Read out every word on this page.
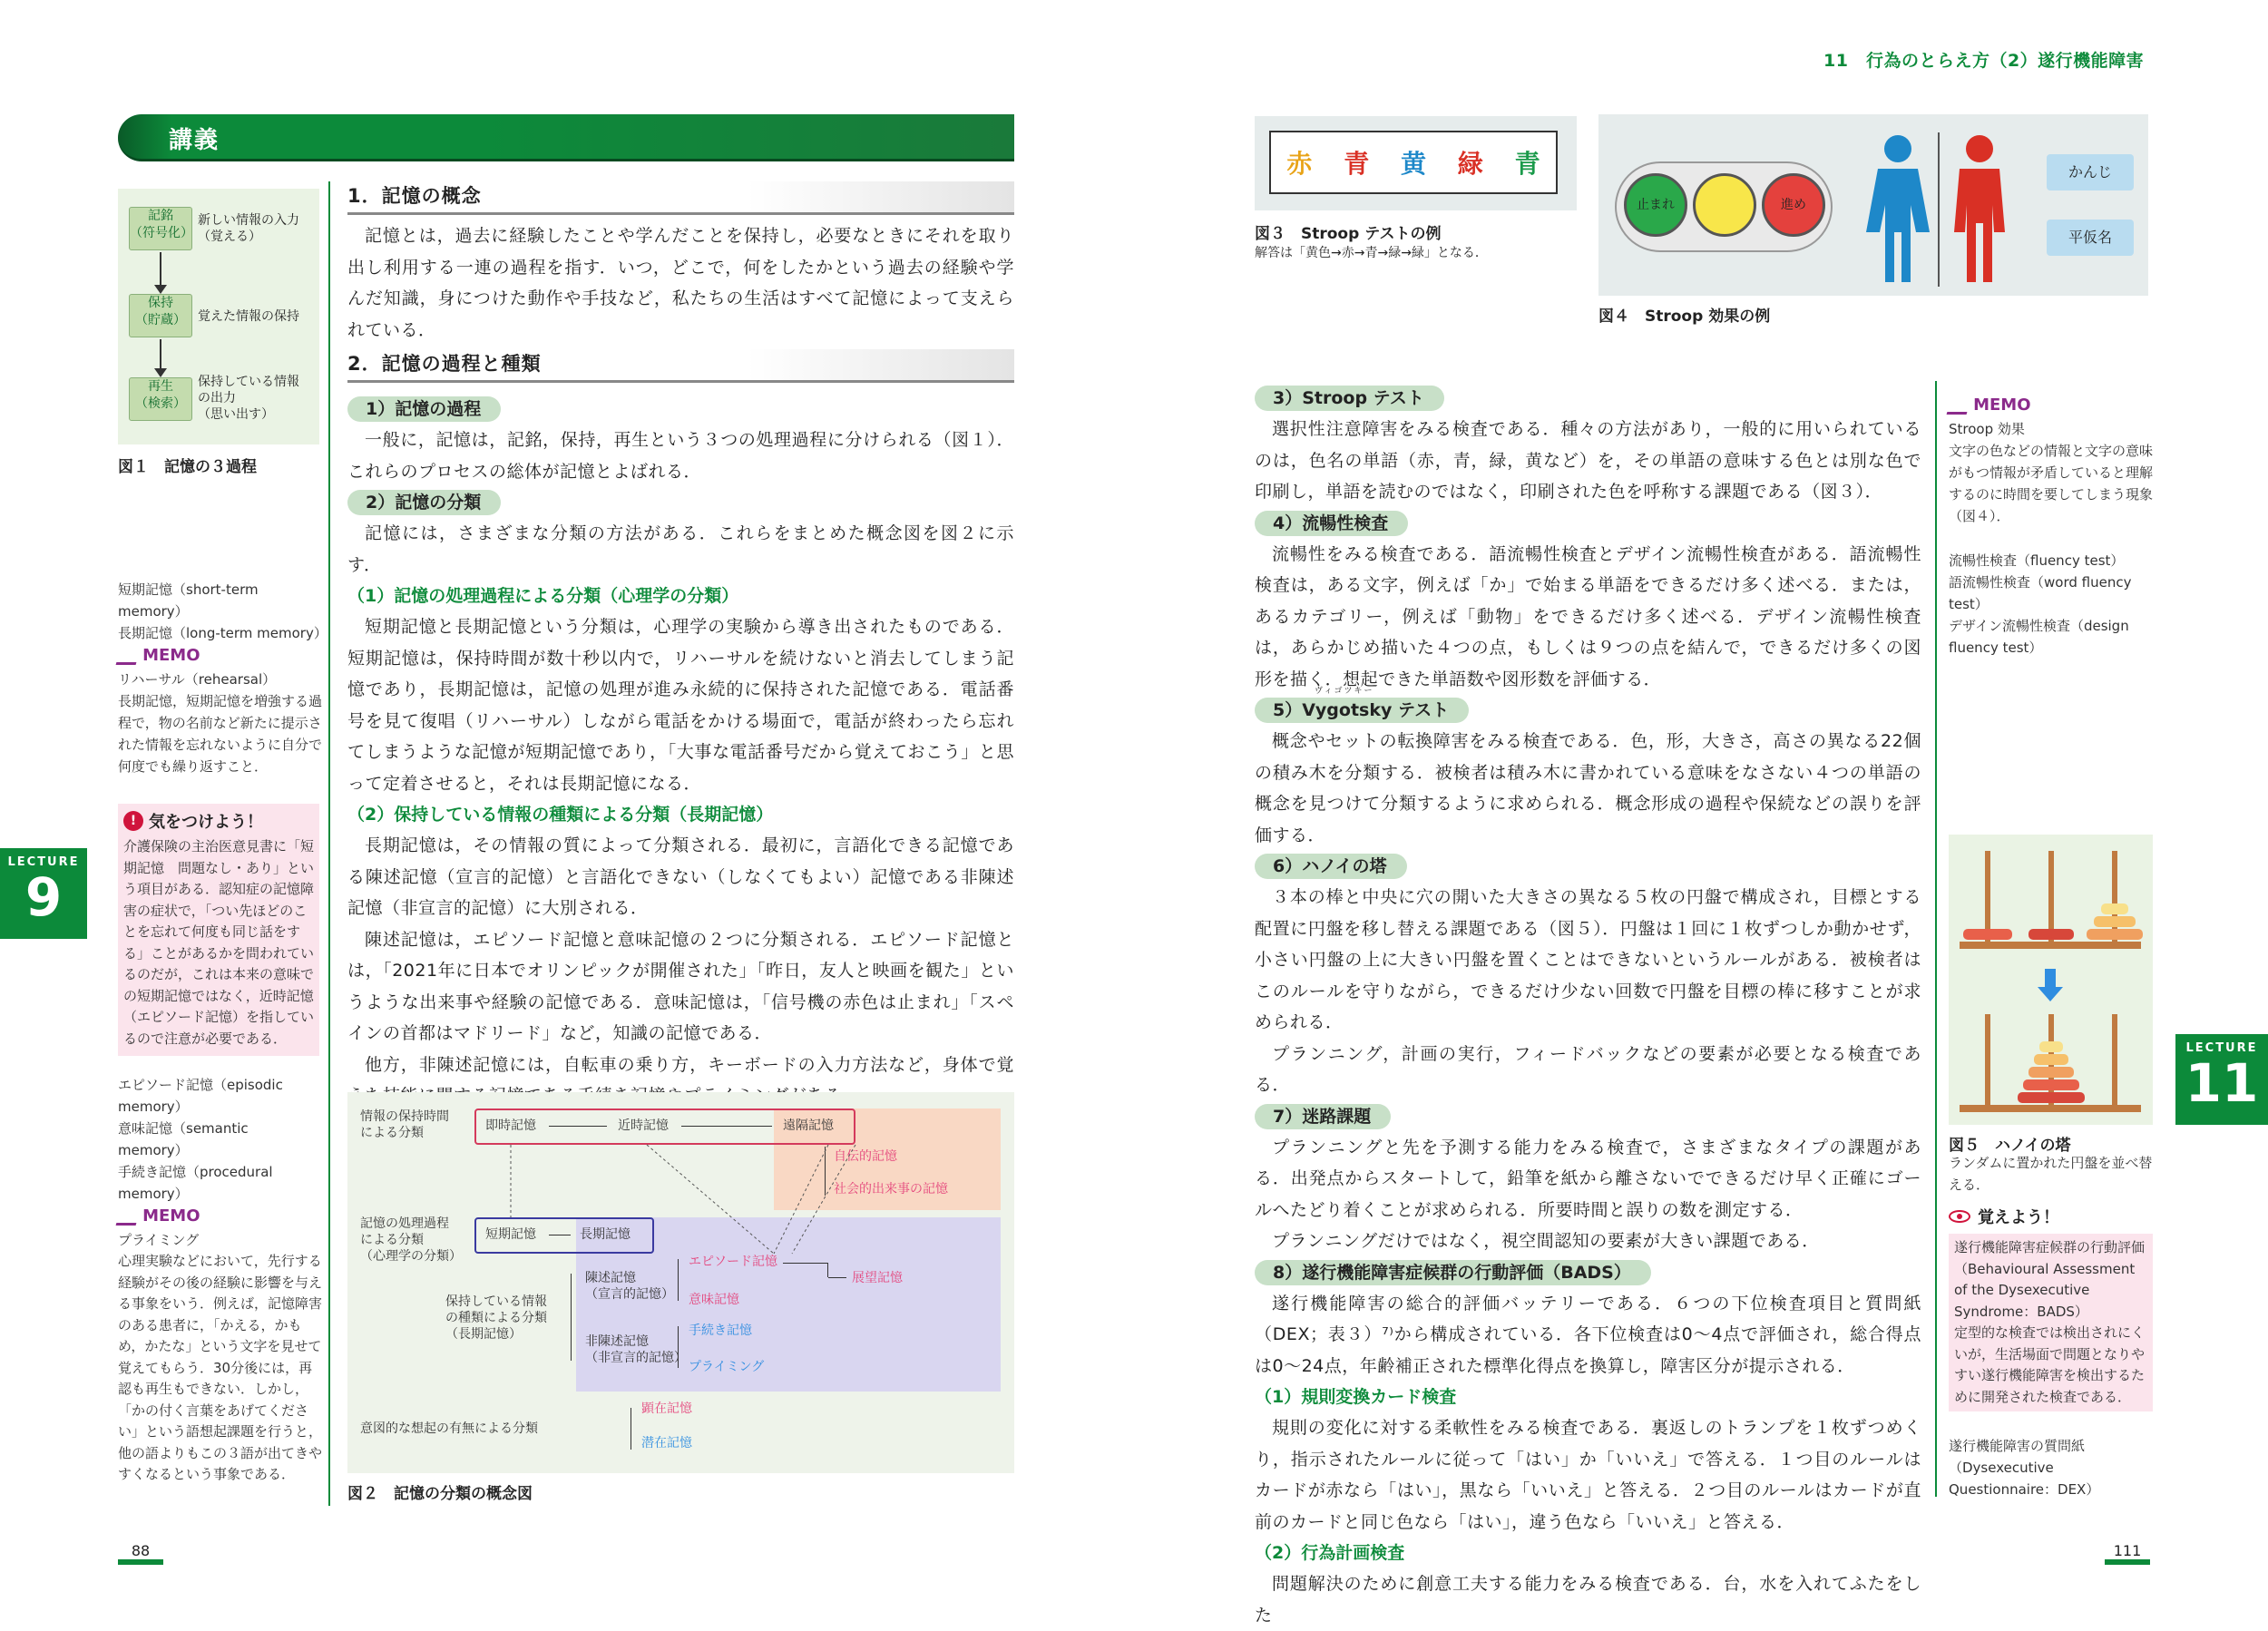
講義
記銘
（符号化）
新しい情報の入力
（覚える）
保持
（貯蔵） 覚えた情報の保持
再生
（検索）
保持している情報
の出力
（思い出す）
図１　記憶の３過程
短期記憶（short-term memory）
長期記憶（long-term memory）
MEMO
リハーサル（rehearsal）
長期記憶，短期記憶を増強する過程で，物の名前など新たに提示された情報を忘れないように自分で何度でも繰り返すこと．
! 気をつけよう！
介護保険の主治医意見書に「短期記憶　問題なし・あり」という項目がある．認知症の記憶障害の症状で，「つい先ほどのことを忘れて何度も同じ話をする」ことがあるかを問われているのだが，これは本来の意味での短期記憶ではなく，近時記憶（エピソード記憶）を指しているので注意が必要である．
LECTURE
9
エピソード記憶（episodic memory）
意味記憶（semantic memory）
手続き記憶（procedural memory）
MEMO
プライミング
心理実験などにおいて，先行する経験がその後の経験に影響を与える事象をいう．例えば，記憶障害のある患者に，「かえる，かもめ，かたな」という文字を見せて覚えてもらう．30分後には，再認も再生もできない．しかし，「かの付く言葉をあげてください」という語想起課題を行うと，他の語よりもこの３語が出てきやすくなるという事象である．
1．記憶の概念

記憶とは，過去に経験したことや学んだことを保持し，必要なときにそれを取り出し利用する一連の過程を指す．いつ，どこで，何をしたかという過去の経験や学んだ知識，身につけた動作や手技など，私たちの生活はすべて記憶によって支えられている．

2．記憶の過程と種類
1）記憶の過程

一般に，記憶は，記銘，保持，再生という３つの処理過程に分けられる（図１）．これらのプロセスの総体が記憶とよばれる．

2）記憶の分類

記憶には，さまざまな分類の方法がある．これらをまとめた概念図を図２に示す．

（1）記憶の処理過程による分類（心理学の分類）

短期記憶と長期記憶という分類は，心理学の実験から導き出されたものである．短期記憶は，保持時間が数十秒以内で，リハーサルを続けないと消去してしまう記憶であり，長期記憶は，記憶の処理が進み永続的に保持された記憶である．電話番号を見て復唱（リハーサル）しながら電話をかける場面で，電話が終わったら忘れてしまうような記憶が短期記憶であり，「大事な電話番号だから覚えておこう」と思って定着させると，それは長期記憶になる．

（2）保持している情報の種類による分類（長期記憶）

長期記憶は，その情報の質によって分類される．最初に，言語化できる記憶である陳述記憶（宣言的記憶）と言語化できない（しなくてもよい）記憶である非陳述記憶（非宣言的記憶）に大別される．

陳述記憶は，エピソード記憶と意味記憶の２つに分類される．エピソード記憶とは，「2021年に日本でオリンピックが開催された」「昨日，友人と映画を観た」というような出来事や経験の記憶である．意味記憶は，「信号機の赤色は止まれ」「スペインの首都はマドリード」など，知識の記憶である．

他方，非陳述記憶には，自転車の乗り方，キーボードの入力方法など，身体で覚

情報の保持時間
による分類	即時記憶	近時記憶	遠隔記憶
自伝的記憶
社会的出来事の記憶
記憶の処理過程
による分類
（心理学の分類）
短期記憶	長期記憶
保持している情報
の種類による分類
（長期記憶）
陳述記憶
（宣言的記憶）
非陳述記憶
（非宣言的記憶）
エピソード記憶
意味記憶
手続き記憶
プライミング
展望記憶
意図的な想起の有無による分類
顕在記憶
潜在記憶
図２　記憶の分類の概念図
88
11　行為のとらえ方（2）遂行機能障害
赤 青 黄 緑 青
図３　Stroop テストの例
解答は「黄色→赤→青→緑→緑」となる．
止まれ	進め
かんじ
平仮名
図４　Stroop 効果の例
3）Stroop テスト

選択性注意障害をみる検査である．種々の方法があり，一般的に用いられているのは，色名の単語（赤，青，緑，黄など）を，その単語の意味する色とは別な色で印刷し，単語を読むのではなく，印刷された色を呼称する課題である（図３）．

4）流暢性検査

流暢性をみる検査である．語流暢性検査とデザイン流暢性検査がある．語流暢性検査は，ある文字，例えば「か」で始まる単語をできるだけ多く述べる．または，あるカテゴリー，例えば「動物」をできるだけ多く述べる．デザイン流暢性検査は，あらかじめ描いた４つの点，もしくは９つの点を結んで，できるだけ多くの図形を描く．想起できた単語数や図形数を評価する．

ヴィゴツキー
5）Vygotsky テスト

概念やセットの転換障害をみる検査である．色，形，大きさ，高さの異なる22個の積み木を分類する．被検者は積み木に書かれている意味をなさない４つの単語の概念を見つけて分類するように求められる．概念形成の過程や保続などの誤りを評価する．

6）ハノイの塔

３本の棒と中央に穴の開いた大きさの異なる５枚の円盤で構成され，目標とする配置に円盤を移し替える課題である（図５）．円盤は１回に１枚ずつしか動かせず，小さい円盤の上に大きい円盤を置くことはできないというルールがある．被検者はこのルールを守りながら，できるだけ少ない回数で円盤を目標の棒に移すことが求められる．

プランニング，計画の実行，フィードバックなどの要素が必要となる検査である．

7）迷路課題

プランニングと先を予測する能力をみる検査で，さまざまなタイプの課題がある．出発点からスタートして，鉛筆を紙から離さないでできるだけ早く正確にゴールへたどり着くことが求められる．所要時間と誤りの数を測定する．

プランニングだけではなく，視空間認知の要素が大きい課題である．

8）遂行機能障害症候群の行動評価（BADS）

遂行機能障害の総合的評価バッテリーである．６つの下位検査項目と質問紙（DEX；表３）⁷⁾から構成されている．各下位検査は0〜4点で評価され，総合得点は0〜24点，年齢補正された標準化得点を換算し，障害区分が提示される．

（1）規則変換カード検査

規則の変化に対する柔軟性をみる検査である．裏返しのトランプを１枚ずつめくり，指示されたルールに従って「はい」か「いいえ」で答える．１つ目のルールはカードが赤なら「はい」，黒なら「いいえ」と答える．２つ目のルールはカードが直前のカードと同じ色なら「はい」，違う色なら「いいえ」と答える．

（2）行為計画検査

問題解決のために創意工夫する能力をみる検査である．台，水を入れてふたをした

MEMO
Stroop 効果
文字の色などの情報と文字の意味がもつ情報が矛盾していると理解するのに時間を要してしまう現象（図４）．
流暢性検査（fluency test）
語流暢性検査（word fluency test）
デザイン流暢性検査（design fluency test）
図５　ハノイの塔
ランダムに置かれた円盤を並べ替える．
覚えよう！
遂行機能障害症候群の行動評価（Behavioural Assessment of the Dysexecutive Syndrome：BADS）
定型的な検査では検出されにくいが，生活場面で問題となりやすい遂行機能障害を検出するために開発された検査である．
遂行機能障害の質問紙
（Dysexecutive Questionnaire：DEX）
LECTURE
11
111
